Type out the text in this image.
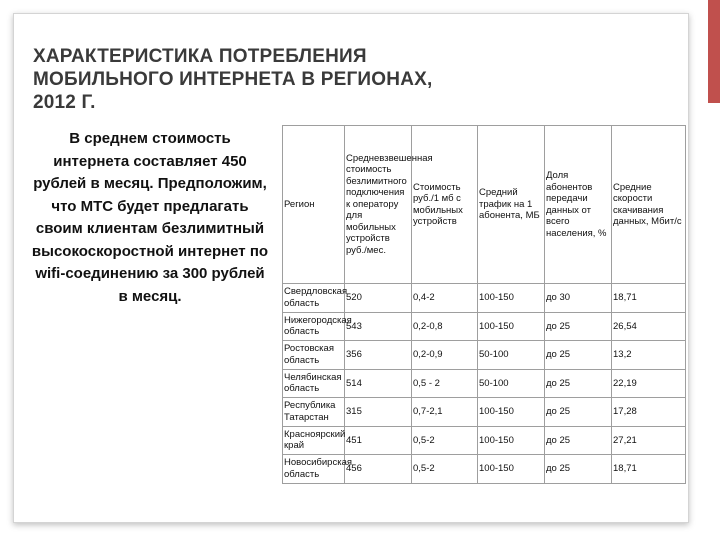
ХАРАКТЕРИСТИКА ПОТРЕБЛЕНИЯ МОБИЛЬНОГО ИНТЕРНЕТА В РЕГИОНАХ, 2012 Г.
В среднем стоимость интернета составляет 450 рублей в месяц. Предположим, что МТС будет предлагать своим клиентам безлимитный высокоскоростной интернет по wifi-соединению за 300 рублей в месяц.
Регион	Средневзвешенная стоимость безлимитного подключения к оператору для мобильных устройств руб./мес.	Стоимость руб./1 мб с мобильных устройств	Средний трафик на 1 абонента, МБ	Доля абонентов передачи данных от всего населения, %	Средние скорости скачивания данных, Мбит/с
Свердловская область	520	0,4-2	100-150	до 30	18,71
Нижегородская область	543	0,2-0,8	100-150	до 25	26,54
Ростовская область	356	0,2-0,9	50-100	до 25	13,2
Челябинская область	514	0,5 - 2	50-100	до 25	22,19
Республика Татарстан	315	0,7-2,1	100-150	до 25	17,28
Красноярский край	451	0,5-2	100-150	до 25	27,21
Новосибирская область	456	0,5-2	100-150	до 25	18,71
